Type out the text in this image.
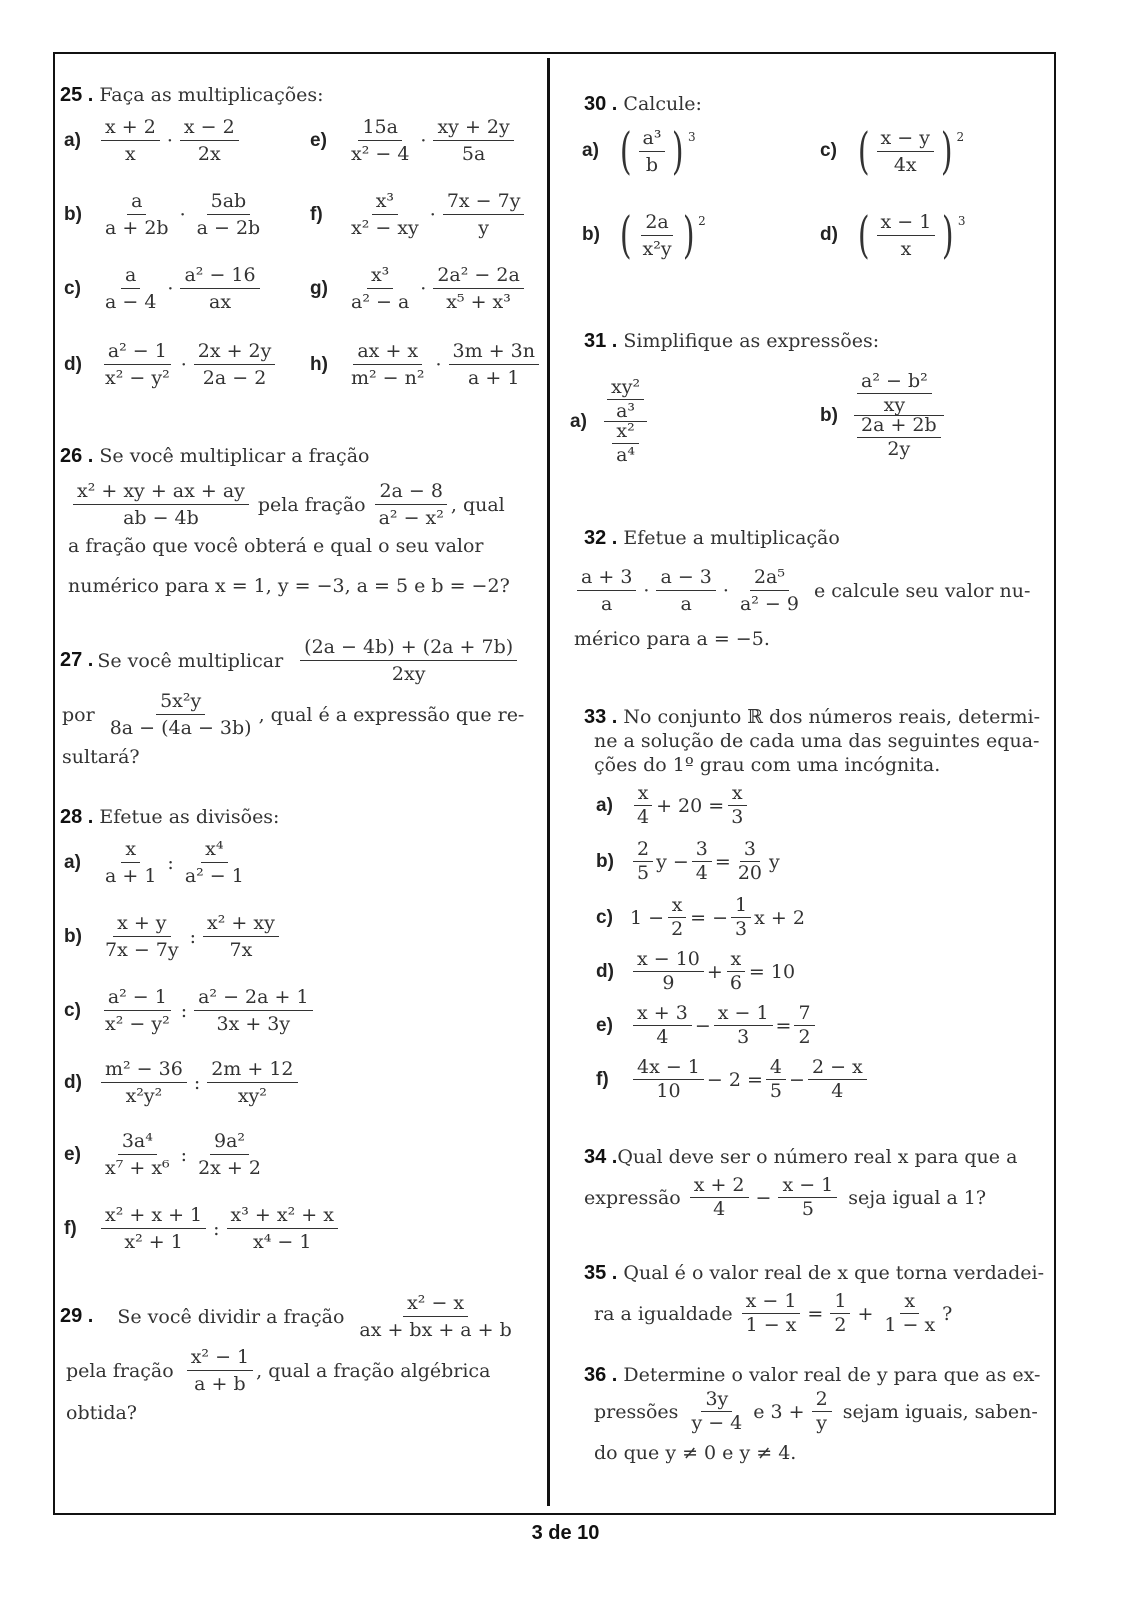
25 . Faça as multiplicações:
$a) \frac{x + 2}{x} \cdot \frac{x - 2}{2x}$
$b) \frac{a}{a + 2b} \cdot \frac{5ab}{a - 2b}$
$c) \frac{a}{a - 4} \cdot \frac{\text{a² − 16}}{ax}$
$d) \frac{\text{a² − 1}}{\text{x² − y²}} \cdot \frac{2x + 2y}{2a - 2}$
$e) \frac{15a}{\text{x² − 4}} \cdot \frac{xy + 2y}{5a}$
f)	$\frac{\text{x³}}{\text{x² − xy}} \cdot \frac{7x - 7y}{y}$
$g) \frac{\text{x³}}{\text{a² − a}} \cdot \frac{\text{2a² − 2a}}{\text{x⁵ + x³}}$
$h) \frac{ax + x}{\text{m² − n²}} \cdot \frac{3m + 3n}{a + 1}$
26 . Se você multiplicar a fração
$\frac{\text{x² + xy + ax + ay}}{ab - 4b}$ pela fração $\frac{2a - 8}{\text{a² − x²}}$ , qual
a fração que você obterá e qual o seu valor
numérico para x = 1, y = −3, a = 5 e b = −2?
27 . Se você multiplicar $\frac{(2a - 4b) + (2a + 7b)}{2xy}$
por $\frac{\text{5x²y}}{8a - (4a - 3b)}$ , qual é a expressão que re-
sultará?
28 . Efetue as divisões:
$a) \frac{x}{a + 1}$ : $\frac{\text{x⁴}}{\text{a² − 1}}$
$b) \frac{x + y}{7x - 7y}$ : $\frac{\text{x² + xy}}{7x}$
$c) \frac{\text{a² − 1}}{\text{x² − y²}}$ : $\frac{\text{a² − 2a + 1}}{3x + 3y}$
$d) \frac{\text{m² − 36}}{\text{x²y²}}$ : $\frac{2m + 12}{\text{xy²}}$
$e) \frac{\text{3a⁴}}{\text{x⁷ + x⁶}}$ : $\frac{\text{9a²}}{2x + 2}$
f)	$\frac{\text{x² + x + 1}}{\text{x² + 1}}$ : $\frac{\text{x³ + x² + x}}{\text{x⁴ − 1}}$
29 . Se você dividir a fração $\frac{\text{x² − x}}{ax + bx + a + b}$
pela fração $\frac{\text{x² − 1}}{a + b}$ , qual a fração algébrica
obtida?
30 . Calcule:
a) ( $\frac{\text{a³}}{b}$ ) 3
b) ( $\frac{2a}{\text{x²y}}$ ) 2
c) ( $\frac{x - y}{4x}$ ) 2
d) ( $\frac{x - 1}{x}$ ) 3
31 . Simplifique as expressões:
$a) \frac{\text{xy²}}{\text{a³}}$
$\frac{\text{x²}}{\text{a⁴}}$
$b) \frac{\text{a² − b²}}{xy}$
$\frac{2a + 2b}{2y}$
32 . Efetue a multiplicação
$\frac{a + 3}{a} \cdot \frac{a - 3}{a} \cdot \frac{\text{2a⁵}}{\text{a² − 9}}$ e calcule seu valor nu-
mérico para a = −5.
33 . No conjunto ℝ dos números reais, determi-
ne a solução de cada uma das seguintes equa-
ções do 1º grau com uma incógnita.
$a) \frac{x}{4} + 20 = \frac{x}{3}$
$b) \frac{2}{5}$ $y - \frac{3}{4} = \frac{3}{20}$ y
c) $1 - \frac{x}{2}$ = − $\frac{1}{3}$ x + 2
$d) \frac{x - 10}{9} + \frac{x}{6} = 10$
$e) \frac{x + 3}{4} - \frac{x - 1}{3} = \frac{7}{2}$
f)	$\frac{4x - 1}{10} - 2 = \frac{4}{5} - \frac{2 - x}{4}$
34 .Qual deve ser o número real x para que a
expressão $\frac{x + 2}{4} - \frac{x - 1}{5}$ seja igual a 1?
35 . Qual é o valor real de x que torna verdadei-
ra a igualdade $\frac{x - 1}{1 - x} = \frac{1}{2} + \frac{x}{1 - x}$ ?
36 . Determine o valor real de y para que as ex-
pressões $\frac{3y}{y - 4}$ e $3 + \frac{2}{y}$ sejam iguais, saben-
do que y ≠ 0 e y ≠ 4.
3 de 10
